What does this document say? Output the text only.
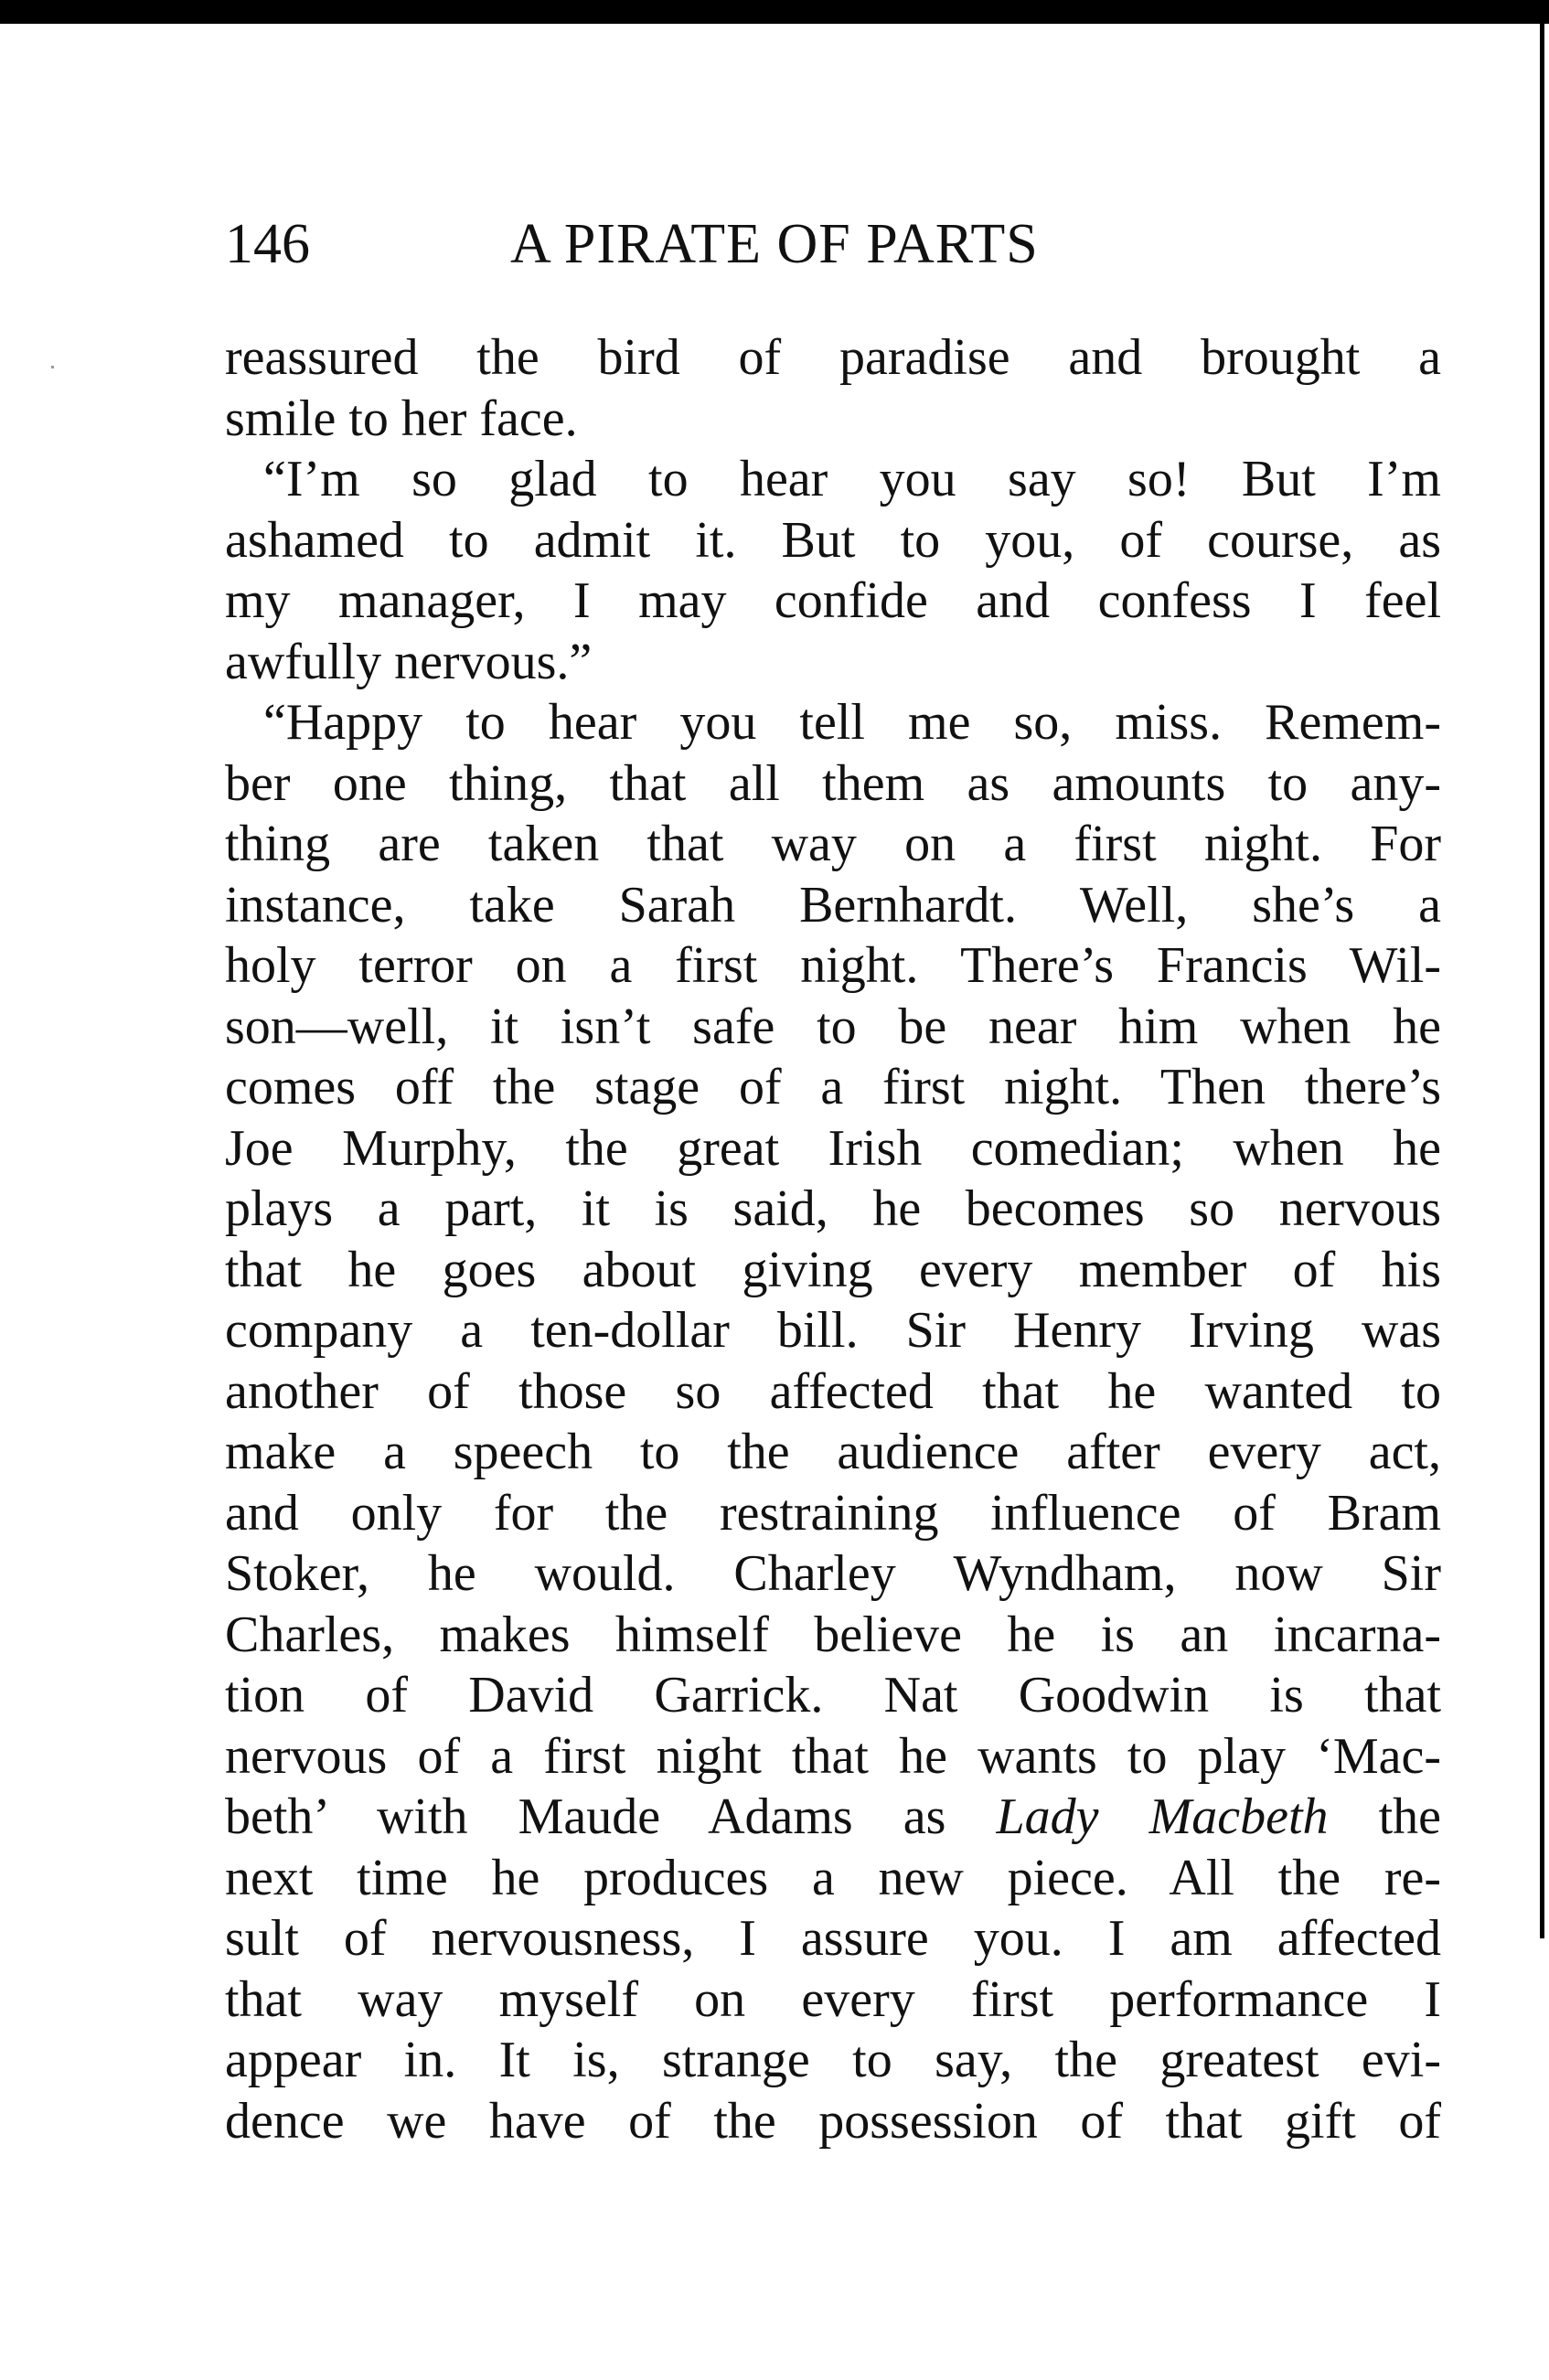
146	A PIRATE OF PARTS
reassured the bird of paradise and brought a
smile to her face.
“I’m so glad to hear you say so! But I’m
ashamed to admit it. But to you, of course, as
my manager, I may confide and confess I feel
awfully nervous.”
“Happy to hear you tell me so, miss. Remem-
ber one thing, that all them as amounts to any-
thing are taken that way on a first night. For
instance, take Sarah Bernhardt. Well, she’s a
holy terror on a first night. There’s Francis Wil-
son—well, it isn’t safe to be near him when he
comes off the stage of a first night. Then there’s
Joe Murphy, the great Irish comedian; when he
plays a part, it is said, he becomes so nervous
that he goes about giving every member of his
company a ten-dollar bill. Sir Henry Irving was
another of those so affected that he wanted to
make a speech to the audience after every act,
and only for the restraining influence of Bram
Stoker, he would. Charley Wyndham, now Sir
Charles, makes himself believe he is an incarna-
tion of David Garrick. Nat Goodwin is that
nervous of a first night that he wants to play ‘Mac-
beth’ with Maude Adams as Lady Macbeth the
next time he produces a new piece. All the re-
sult of nervousness, I assure you. I am affected
that way myself on every first performance I
appear in. It is, strange to say, the greatest evi-
dence we have of the possession of that gift of
